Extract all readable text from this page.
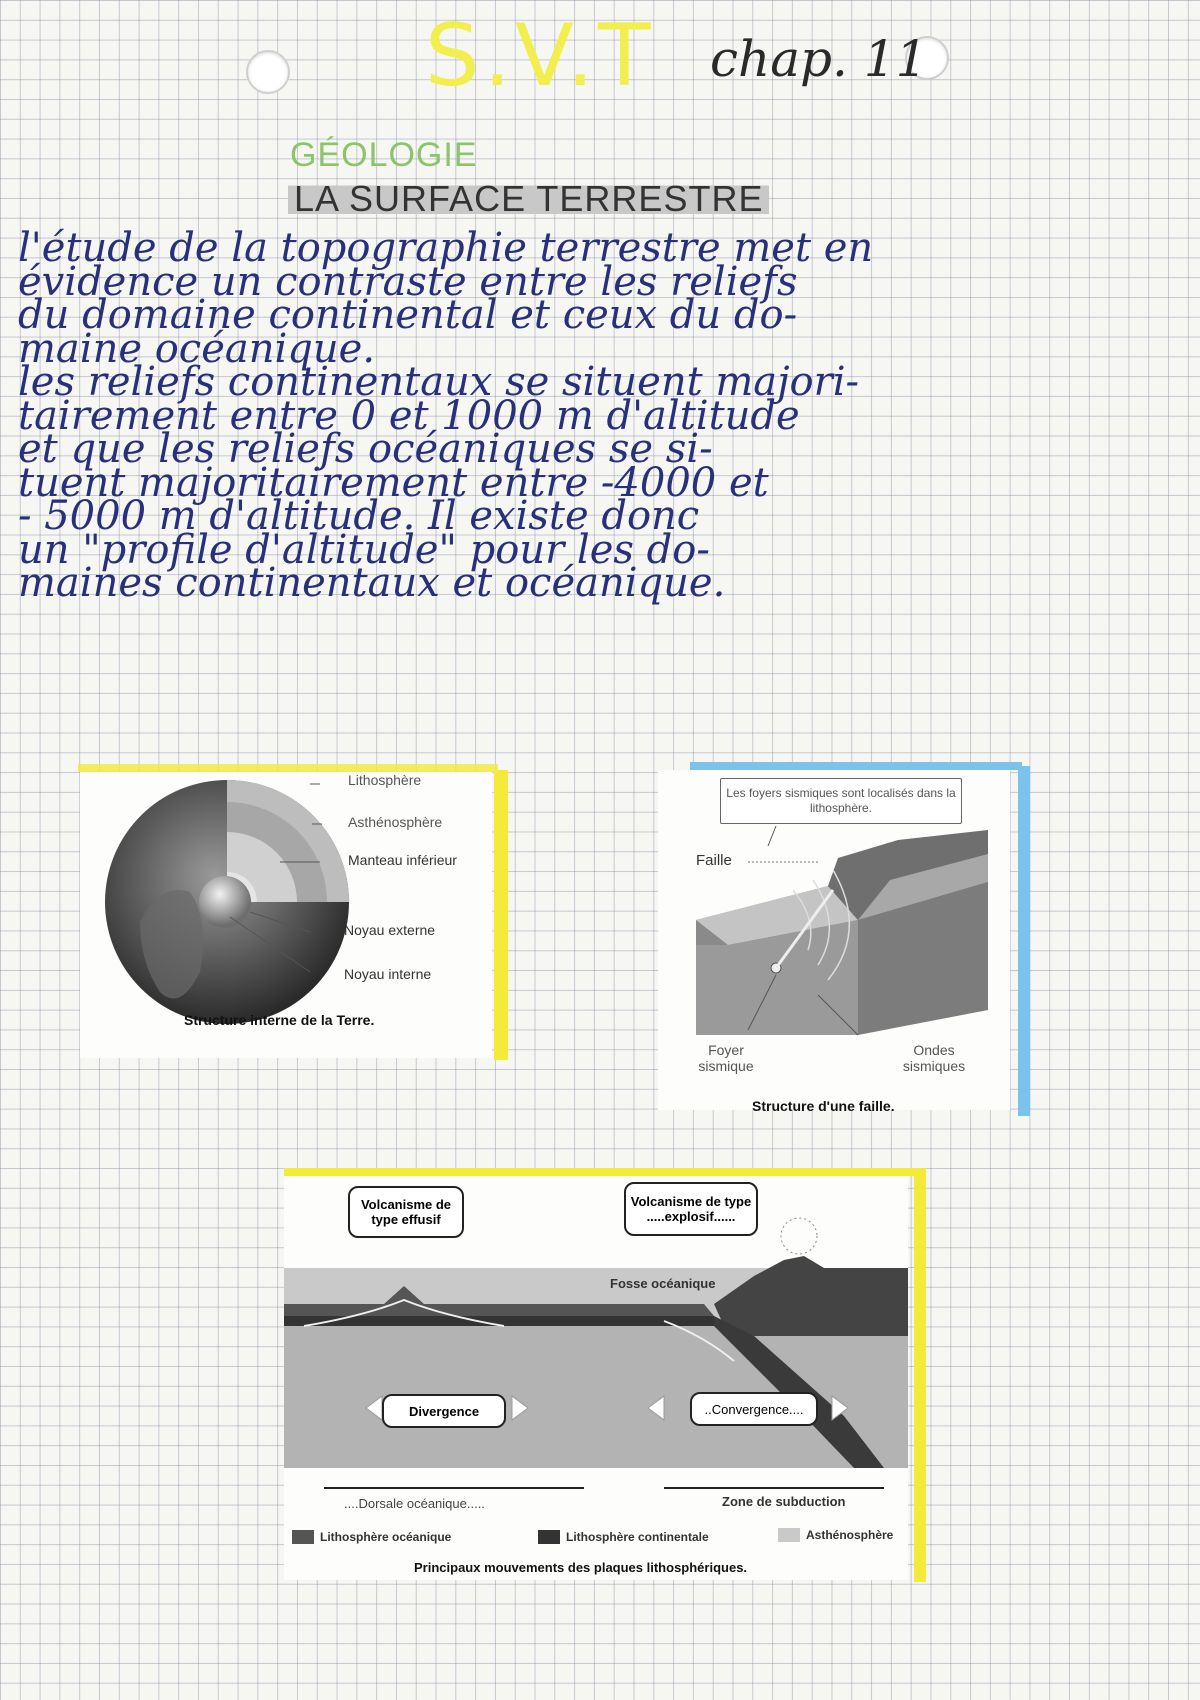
S.V.T chap. 11
GÉOLOGIE
LA SURFACE TERRESTRE

l'étude de la topographie terrestre met en

évidence un contraste entre les reliefs

du domaine continental et ceux du do-

maine océanique.

les reliefs continentaux se situent majori-

tairement entre 0 et 1000 m d'altitude

et que les reliefs océaniques se si-

tuent majoritairement entre -4000 et

- 5000 m d'altitude. Il existe donc

un "profile d'altitude" pour les do-

maines continentaux et océanique.

Lithosphère
Asthénosphère
Manteau inférieur
Noyau externe
Noyau interne
Structure interne de la Terre.
Les foyers sismiques sont localisés dans la lithosphère.
Faille
Foyer sismique
Ondes sismiques
Structure d'une faille.
Volcanisme de type effusif
Volcanisme de type .....explosif......
Fosse océanique
Divergence	..Convergence....
....Dorsale océanique.....	Zone de subduction
Lithosphère océanique	Lithosphère continentale	Asthénosphère
Principaux mouvements des plaques lithosphériques.
